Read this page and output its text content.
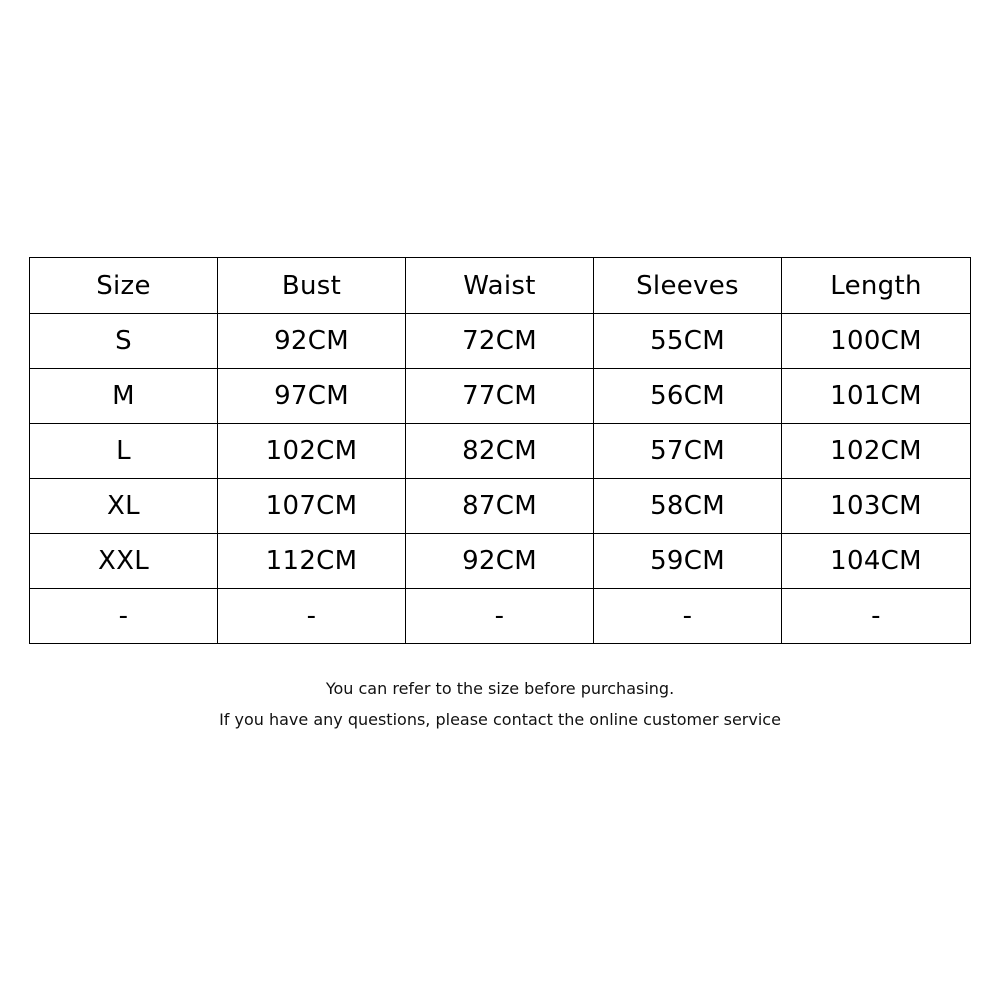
Size	Bust	Waist	Sleeves	Length
S	92CM	72CM	55CM	100CM
M	97CM	77CM	56CM	101CM
L	102CM	82CM	57CM	102CM
XL	107CM	87CM	58CM	103CM
XXL	112CM	92CM	59CM	104CM
-	-	-	-	-
You can refer to the size before purchasing.
If you have any questions, please contact the online customer service
